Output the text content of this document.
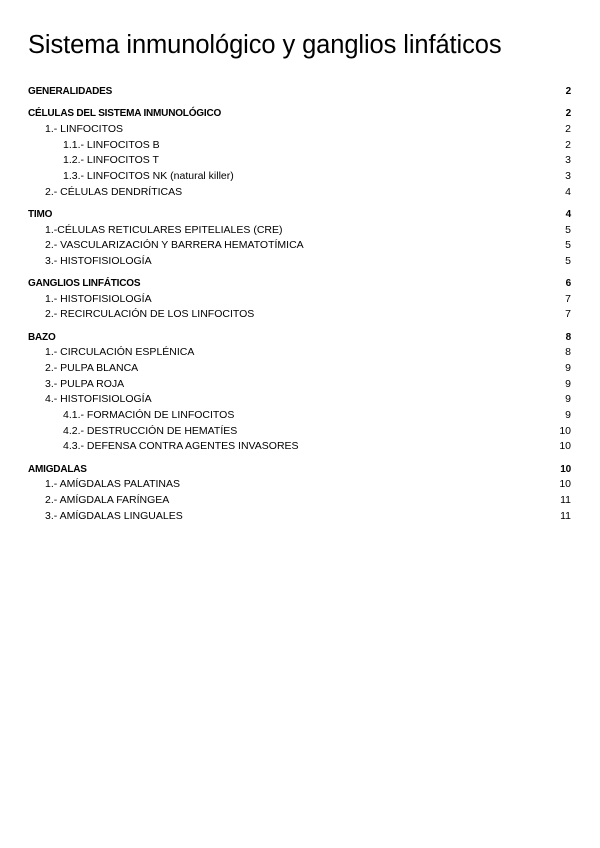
Sistema inmunológico y ganglios linfáticos
GENERALIDADES	2
CÉLULAS DEL SISTEMA INMUNOLÓGICO	2
1.- LINFOCITOS	2
1.1.- LINFOCITOS B	2
1.2.- LINFOCITOS T	3
1.3.- LINFOCITOS NK (natural killer)	3
2.- CÉLULAS DENDRÍTICAS	4
TIMO	4
1.-CÉLULAS RETICULARES EPITELIALES (CRE)	5
2.- VASCULARIZACIÓN Y BARRERA HEMATOTÍMICA	5
3.- HISTOFISIOLOGÍA	5
GANGLIOS LINFÁTICOS	6
1.- HISTOFISIOLOGÍA	7
2.- RECIRCULACIÓN DE LOS LINFOCITOS	7
BAZO	8
1.- CIRCULACIÓN ESPLÉNICA	8
2.- PULPA BLANCA	9
3.- PULPA ROJA	9
4.- HISTOFISIOLOGÍA	9
4.1.- FORMACIÓN DE LINFOCITOS	9
4.2.- DESTRUCCIÓN DE HEMATÍES	10
4.3.- DEFENSA CONTRA AGENTES INVASORES	10
AMIGDALAS	10
1.- AMÍGDALAS PALATINAS	10
2.- AMÍGDALA FARÍNGEA	11
3.- AMÍGDALAS LINGUALES	11
